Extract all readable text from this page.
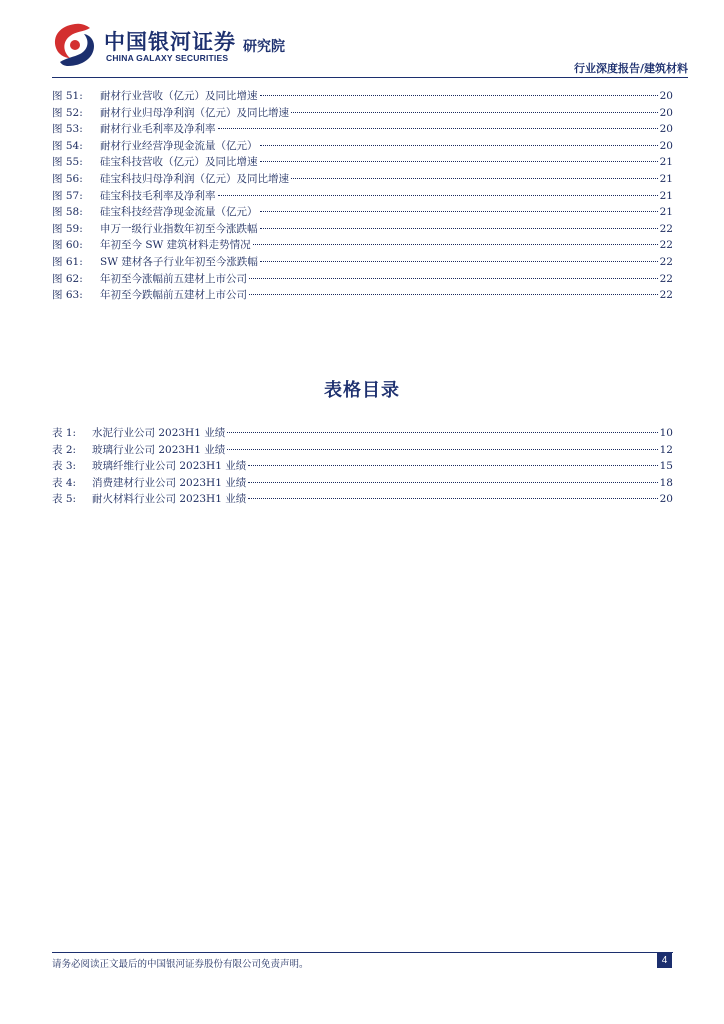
中国银河证券
CHINA GALAXY SECURITIES
研究院
行业深度报告/建筑材料
图 51:	耐材行业营收（亿元）及同比增速	20
图 52:	耐材行业归母净利润（亿元）及同比增速	20
图 53:	耐材行业毛利率及净利率	20
图 54:	耐材行业经营净现金流量（亿元）	20
图 55:	硅宝科技营收（亿元）及同比增速	21
图 56:	硅宝科技归母净利润（亿元）及同比增速	21
图 57:	硅宝科技毛利率及净利率	21
图 58:	硅宝科技经营净现金流量（亿元）	21
图 59:	申万一级行业指数年初至今涨跌幅	22
图 60:	年初至今 SW 建筑材料走势情况	22
图 61:	SW 建材各子行业年初至今涨跌幅	22
图 62:	年初至今涨幅前五建材上市公司	22
图 63:	年初至今跌幅前五建材上市公司	22
表格目录
表 1:	水泥行业公司 2023H1 业绩	10
表 2:	玻璃行业公司 2023H1 业绩	12
表 3:	玻璃纤维行业公司 2023H1 业绩	15
表 4:	消费建材行业公司 2023H1 业绩	18
表 5:	耐火材料行业公司 2023H1 业绩	20
请务必阅读正文最后的中国银河证券股份有限公司免责声明。	4
